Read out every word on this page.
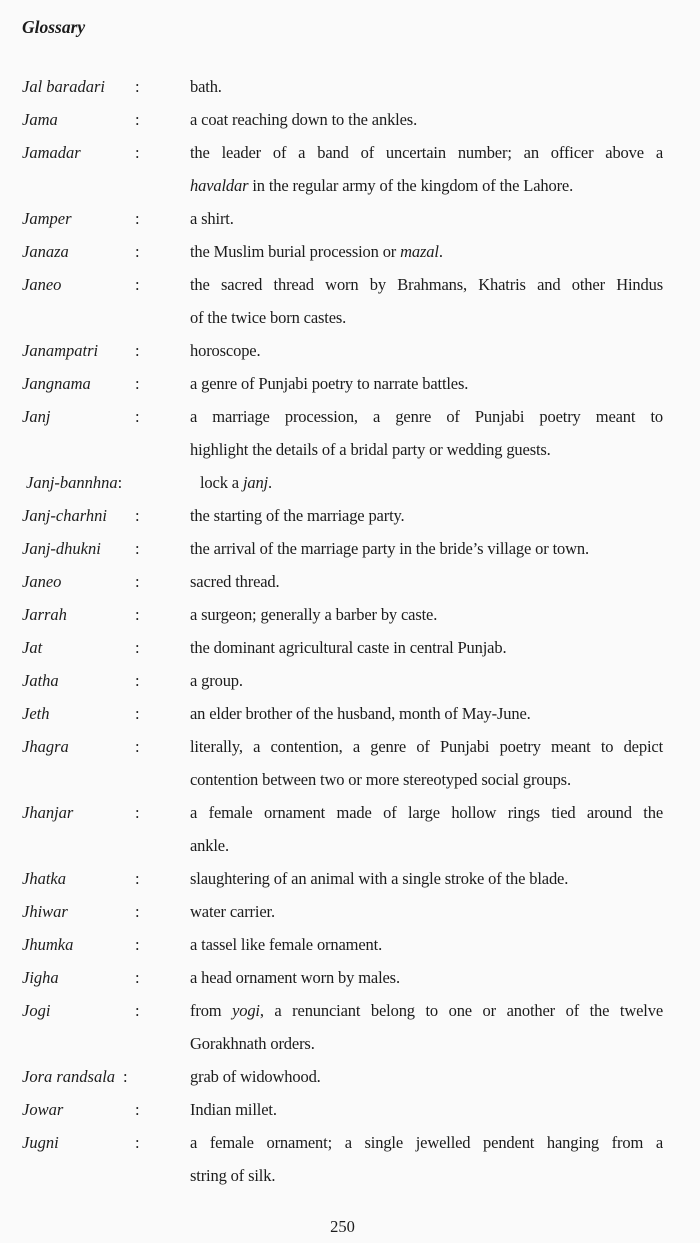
Glossary
Jal baradari	:	bath.
Jama	:	a coat reaching down to the ankles.
Jamadar	:	the leader of a band of uncertain number; an officer above a
havaldar in the regular army of the kingdom of the Lahore.
Jamper	:	a shirt.
Janaza	:	the Muslim burial procession or mazal.
Janeo	:	the sacred thread worn by Brahmans, Khatris and other Hindus
of the twice born castes.
Janampatri	:	horoscope.
Jangnama	:	a genre of Punjabi poetry to narrate battles.
Janj	:	a marriage procession, a genre of Punjabi poetry meant to
highlight the details of a bridal party or wedding guests.
Janj-bannhna:	lock a janj.
Janj-charhni	:	the starting of the marriage party.
Janj-dhukni	:	the arrival of the marriage party in the bride’s village or town.
Janeo	:	sacred thread.
Jarrah	:	a surgeon; generally a barber by caste.
Jat	:	the dominant agricultural caste in central Punjab.
Jatha	:	a group.
Jeth	:	an elder brother of the husband, month of May-June.
Jhagra	:	literally, a contention, a genre of Punjabi poetry meant to depict
contention between two or more stereotyped social groups.
Jhanjar	:	a female ornament made of large hollow rings tied around the
ankle.
Jhatka	:	slaughtering of an animal with a single stroke of the blade.
Jhiwar	:	water carrier.
Jhumka	:	a tassel like female ornament.
Jigha	:	a head ornament worn by males.
Jogi	:	from yogi, a renunciant belong to one or another of the twelve
Gorakhnath orders.
Jora randsala :	grab of widowhood.
Jowar	:	Indian millet.
Jugni	:	a female ornament; a single jewelled pendent hanging from a
string of silk.
250
